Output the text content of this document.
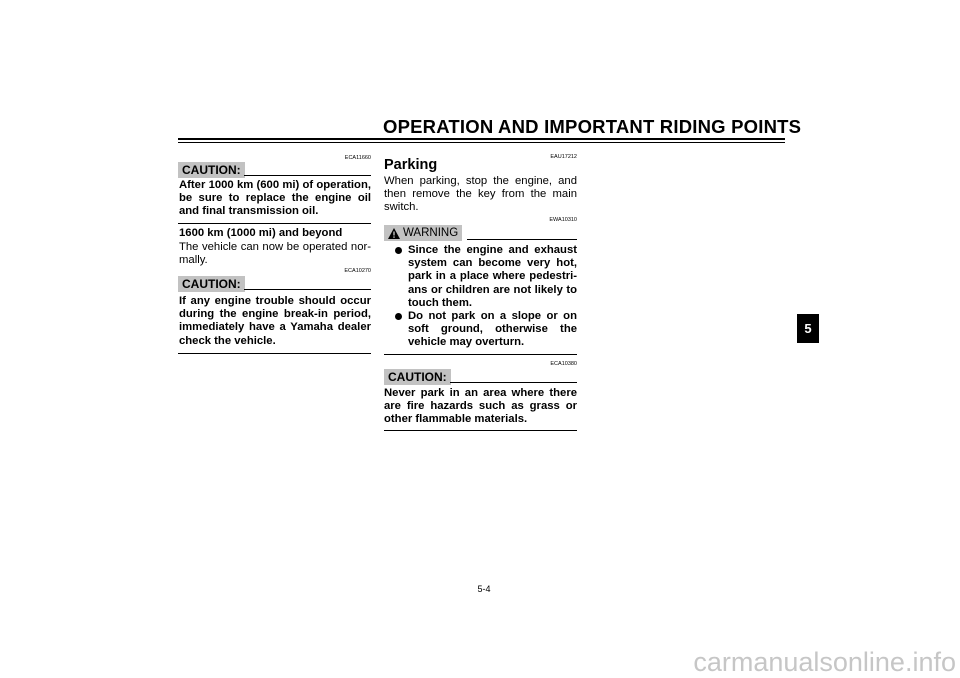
OPERATION AND IMPORTANT RIDING POINTS
ECA11660
CAUTION:
After 1000 km (600 mi) of operation, be sure to replace the engine oil and final transmission oil.
1600 km (1000 mi) and beyond
The vehicle can now be operated nor-mally.
ECA10270
CAUTION:
If any engine trouble should occur during the engine break-in period, immediately have a Yamaha dealer check the vehicle.
EAU17212
Parking
When parking, stop the engine, and then remove the key from the main switch.
EWA10310
WARNING
Since the engine and exhaust system can become very hot, park in a place where pedestri-ans or children are not likely to touch them.
Do not park on a slope or on soft ground, otherwise the vehicle may overturn.
ECA10380
CAUTION:
Never park in an area where there are fire hazards such as grass or other flammable materials.
5
5-4
carmanualsonline.info
